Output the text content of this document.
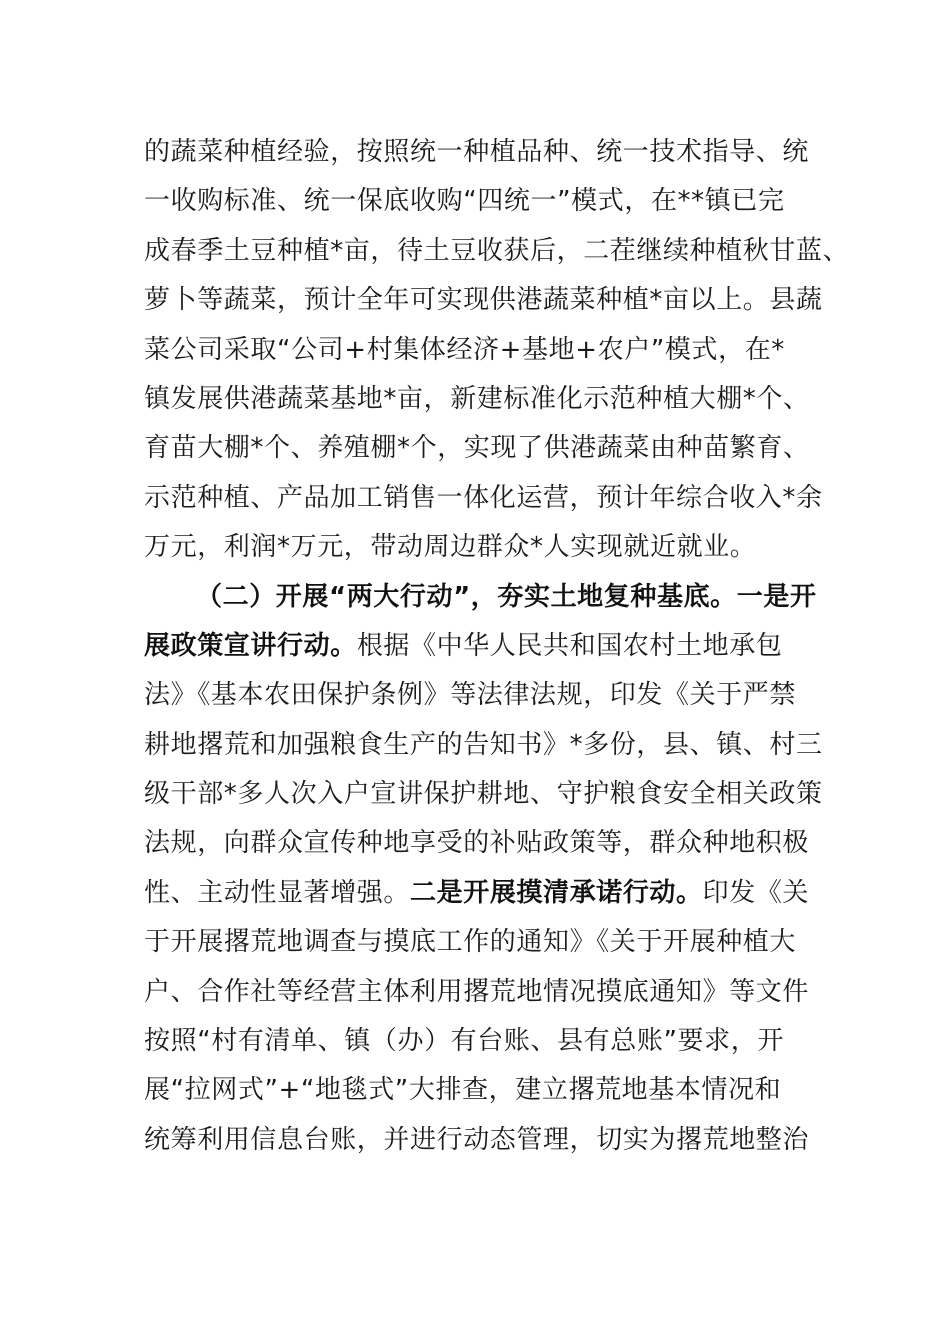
的蔬菜种植经验，按照统一种植品种、统一技术指导、统
一收购标准、统一保底收购“四统一”模式，在**镇已完
成春季土豆种植*亩，待土豆收获后，二茬继续种植秋甘蓝、
萝卜等蔬菜，预计全年可实现供港蔬菜种植*亩以上。县蔬
菜公司采取“公司+村集体经济+基地+农户”模式，在*
镇发展供港蔬菜基地*亩，新建标准化示范种植大棚*个、
育苗大棚*个、养殖棚*个，实现了供港蔬菜由种苗繁育、
示范种植、产品加工销售一体化运营，预计年综合收入*余
万元，利润*万元，带动周边群众*人实现就近就业。
（二）开展“两大行动”，夯实土地复种基底。一是开
展政策宣讲行动。根据《中华人民共和国农村土地承包
法》《基本农田保护条例》等法律法规，印发《关于严禁
耕地撂荒和加强粮食生产的告知书》*多份，县、镇、村三
级干部*多人次入户宣讲保护耕地、守护粮食安全相关政策
法规，向群众宣传种地享受的补贴政策等，群众种地积极
性、主动性显著增强。二是开展摸清承诺行动。印发《关
于开展撂荒地调查与摸底工作的通知》《关于开展种植大
户、合作社等经营主体利用撂荒地情况摸底通知》等文件
按照“村有清单、镇（办）有台账、县有总账”要求，开
展“拉网式”+“地毯式”大排查，建立撂荒地基本情况和
统筹利用信息台账，并进行动态管理，切实为撂荒地整治
